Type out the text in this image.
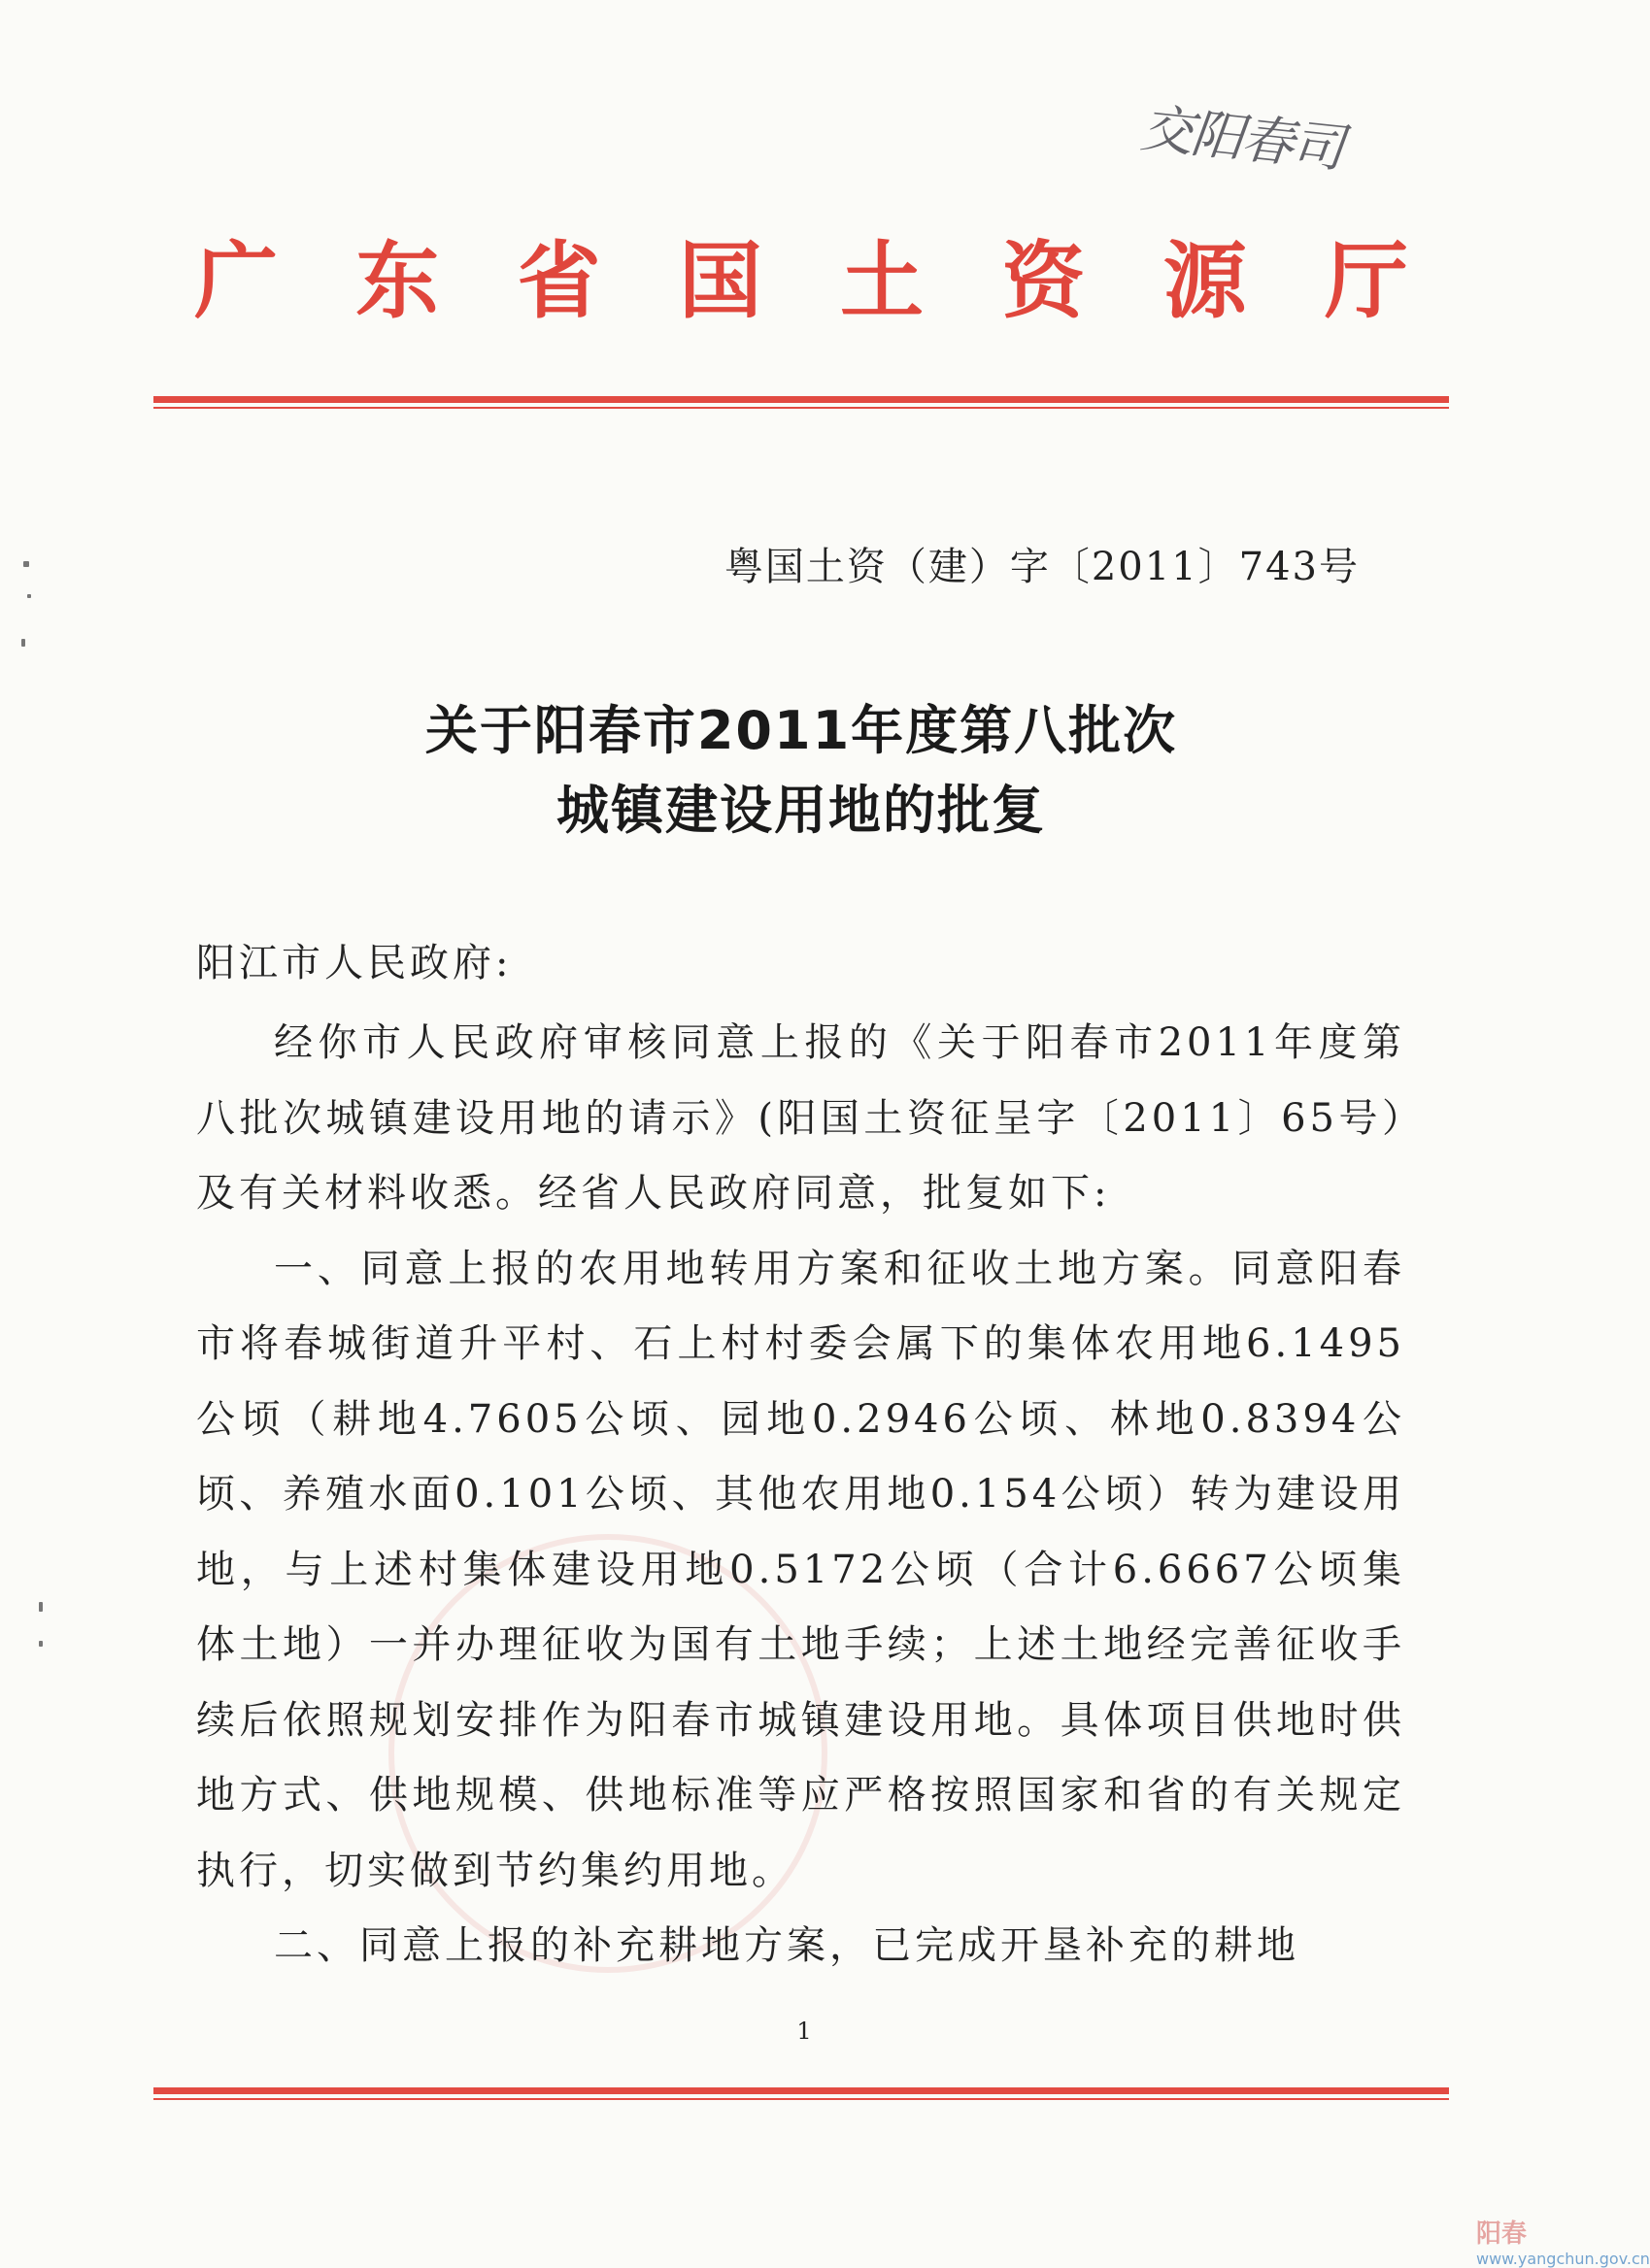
交阳春司
广 东 省 国 土 资 源 厅
粤国土资（建）字〔2011〕743号
关于阳春市2011年度第八批次
城镇建设用地的批复
阳江市人民政府:

经你市人民政府审核同意上报的《关于阳春市2011年度第八批次城镇建设用地的请示》(阳国土资征呈字〔2011〕65号）及有关材料收悉。经省人民政府同意，批复如下:

一、同意上报的农用地转用方案和征收土地方案。同意阳春市将春城街道升平村、石上村村委会属下的集体农用地6.1495公顷（耕地4.7605公顷、园地0.2946公顷、林地0.8394公顷、养殖水面0.101公顷、其他农用地0.154公顷）转为建设用地，与上述村集体建设用地0.5172公顷（合计6.6667公顷集体土地）一并办理征收为国有土地手续；上述土地经完善征收手续后依照规划安排作为阳春市城镇建设用地。具体项目供地时供地方式、供地规模、供地标准等应严格按照国家和省的有关规定执行，切实做到节约集约用地。

二、同意上报的补充耕地方案，已完成开垦补充的耕地

1
阳春
www.yangchun.gov.cn
